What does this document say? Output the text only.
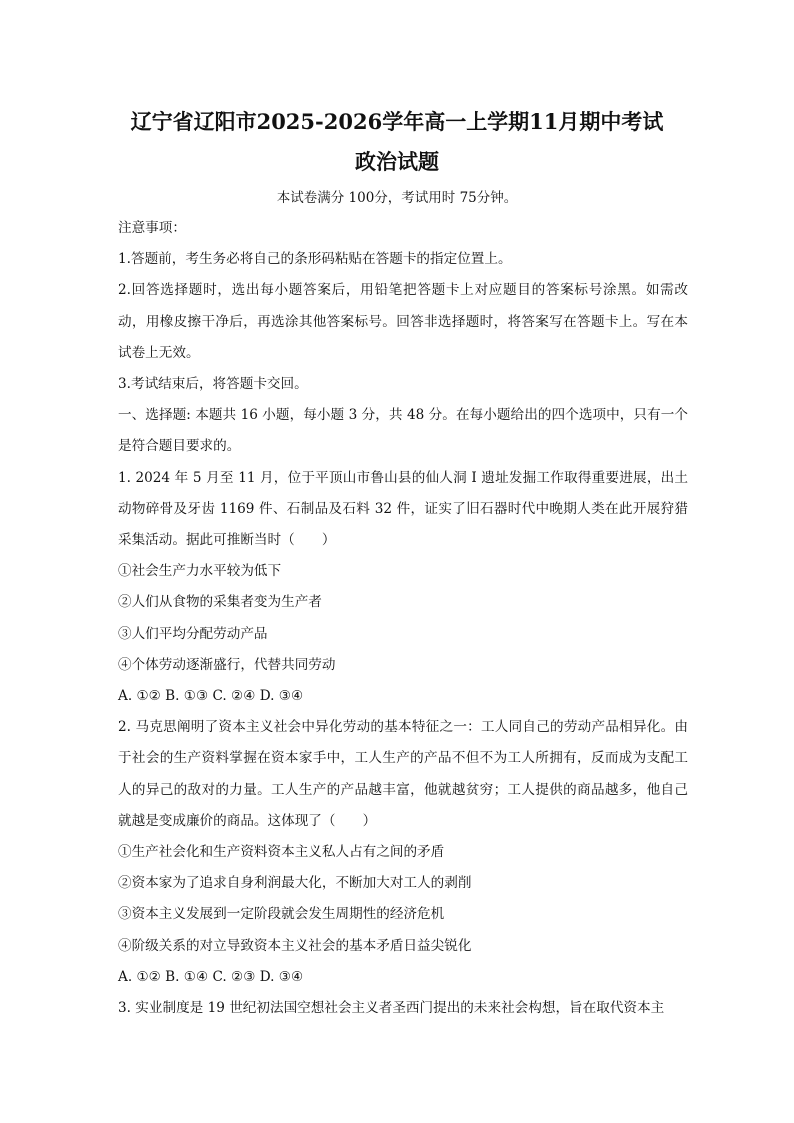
辽宁省辽阳市2025-2026学年高一上学期11月期中考试
政治试题
本试卷满分 100分，考试用时 75分钟。
注意事项：
1.答题前，考生务必将自己的条形码粘贴在答题卡的指定位置上。
2.回答选择题时，选出每小题答案后，用铅笔把答题卡上对应题目的答案标号涂黑。如需改动，用橡皮擦干净后，再选涂其他答案标号。回答非选择题时，将答案写在答题卡上。写在本试卷上无效。
3.考试结束后，将答题卡交回。
一、选择题: 本题共 16 小题，每小题 3 分，共 48 分。在每小题给出的四个选项中，只有一个是符合题目要求的。
1. 2024 年 5 月至 11 月，位于平顶山市鲁山县的仙人洞 I 遗址发掘工作取得重要进展，出土动物碎骨及牙齿 1169 件、石制品及石料 32 件，证实了旧石器时代中晚期人类在此开展狩猎采集活动。据此可推断当时（　　）
①社会生产力水平较为低下
②人们从食物的采集者变为生产者
③人们平均分配劳动产品
④个体劳动逐渐盛行，代替共同劳动
A. ①② B. ①③ C. ②④ D. ③④
2. 马克思阐明了资本主义社会中异化劳动的基本特征之一：工人同自己的劳动产品相异化。由于社会的生产资料掌握在资本家手中，工人生产的产品不但不为工人所拥有，反而成为支配工人的异己的敌对的力量。工人生产的产品越丰富，他就越贫穷；工人提供的商品越多，他自己就越是变成廉价的商品。这体现了（　　）
①生产社会化和生产资料资本主义私人占有之间的矛盾
②资本家为了追求自身利润最大化，不断加大对工人的剥削
③资本主义发展到一定阶段就会发生周期性的经济危机
④阶级关系的对立导致资本主义社会的基本矛盾日益尖锐化
A. ①② B. ①④ C. ②③ D. ③④
3. 实业制度是 19 世纪初法国空想社会主义者圣西门提出的未来社会构想，旨在取代资本主
